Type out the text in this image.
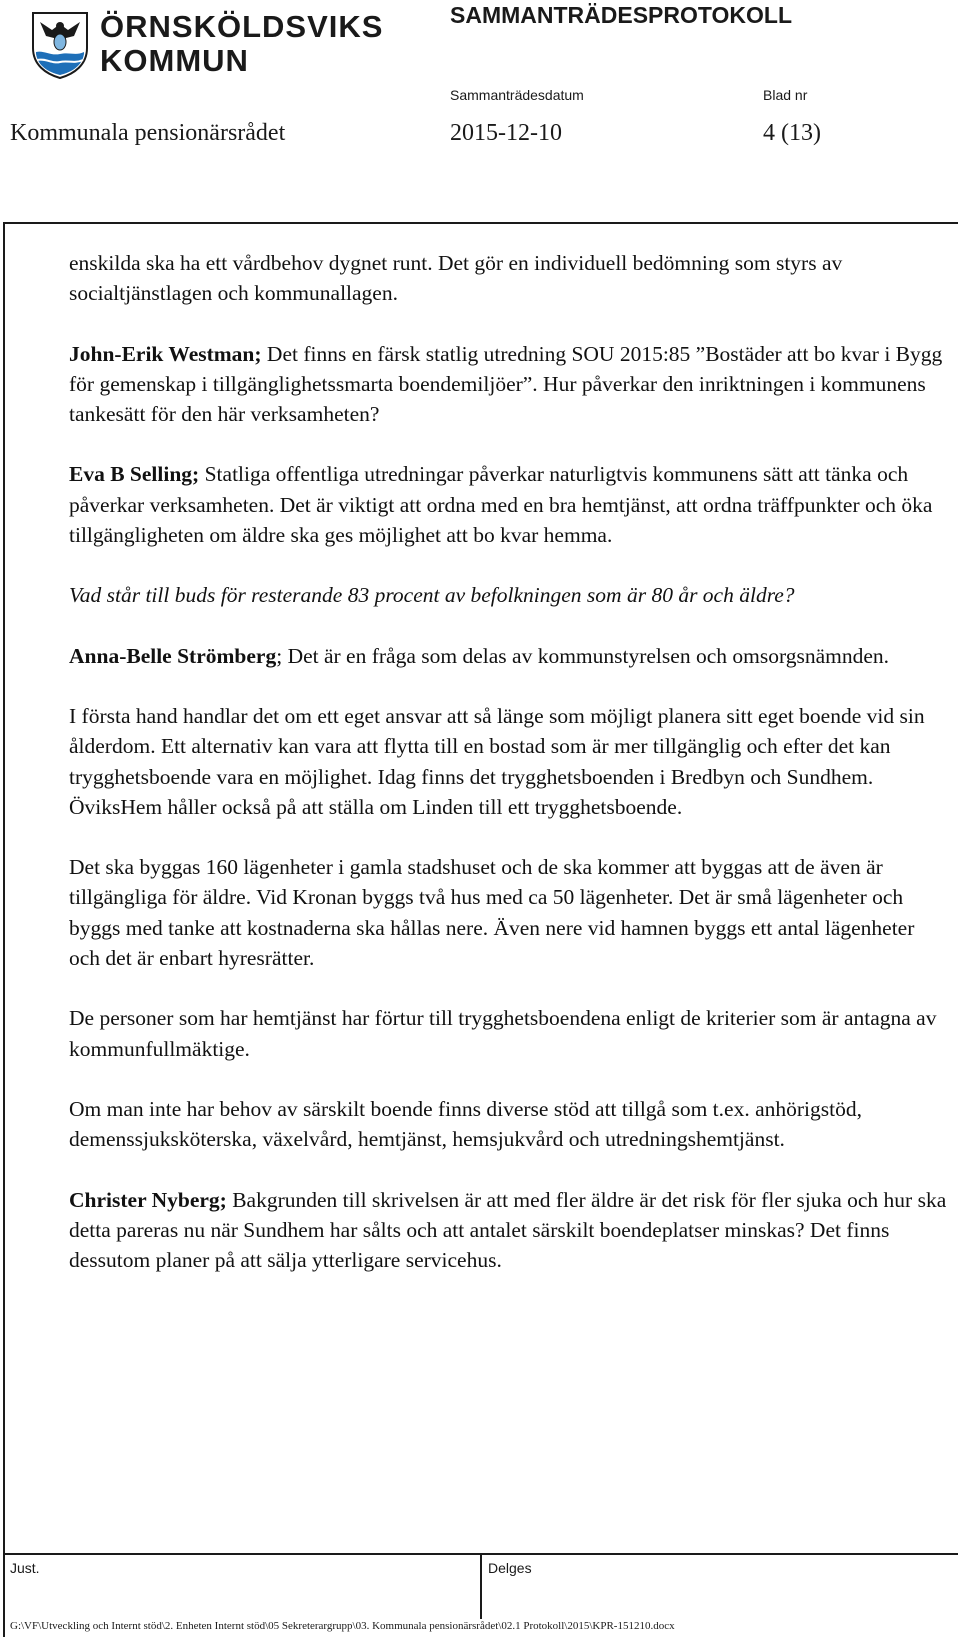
ÖRNSKÖLDSVIKS
KOMMUN
SAMMANTRÄDESPROTOKOLL
Sammanträdesdatum	Blad nr
Kommunala pensionärsrådet	2015-12-10	4 (13)

enskilda ska ha ett vårdbehov dygnet runt. Det gör en individuell bedömning som styrs av socialtjänstlagen och kommunallagen.

John-Erik Westman; Det finns en färsk statlig utredning SOU 2015:85 ”Bostäder att bo kvar i Bygg för gemenskap i tillgänglighetssmarta boendemiljöer”. Hur påverkar den inriktningen i kommunens tankesätt för den här verksamheten?

Eva B Selling; Statliga offentliga utredningar påverkar naturligtvis kommunens sätt att tänka och påverkar verksamheten. Det är viktigt att ordna med en bra hemtjänst, att ordna träffpunkter och öka tillgängligheten om äldre ska ges möjlighet att bo kvar hemma.

Vad står till buds för resterande 83 procent av befolkningen som är 80 år och äldre?

Anna-Belle Strömberg; Det är en fråga som delas av kommunstyrelsen och omsorgsnämnden.

I första hand handlar det om ett eget ansvar att så länge som möjligt planera sitt eget boende vid sin ålderdom. Ett alternativ kan vara att flytta till en bostad som är mer tillgänglig och efter det kan trygghetsboende vara en möjlighet. Idag finns det trygghetsboenden i Bredbyn och Sundhem. ÖviksHem håller också på att ställa om Linden till ett trygghetsboende.

Det ska byggas 160 lägenheter i gamla stadshuset och de ska kommer att byggas att de även är tillgängliga för äldre. Vid Kronan byggs två hus med ca 50 lägenheter. Det är små lägenheter och byggs med tanke att kostnaderna ska hållas nere. Även nere vid hamnen byggs ett antal lägenheter och det är enbart hyresrätter.

De personer som har hemtjänst har förtur till trygghetsboendena enligt de kriterier som är antagna av kommunfullmäktige.

Om man inte har behov av särskilt boende finns diverse stöd att tillgå som t.ex. anhörigstöd, demenssjuksköterska, växelvård, hemtjänst, hemsjukvård och utredningshemtjänst.

Christer Nyberg; Bakgrunden till skrivelsen är att med fler äldre är det risk för fler sjuka och hur ska detta pareras nu när Sundhem har sålts och att antalet särskilt boendeplatser minskas? Det finns dessutom planer på att sälja ytterligare servicehus.

Just.	Delges
G:\VF\Utveckling och Internt stöd\2. Enheten Internt stöd\05 Sekreterargrupp\03. Kommunala pensionärsrådet\02.1 Protokoll\2015\KPR-151210.docx
